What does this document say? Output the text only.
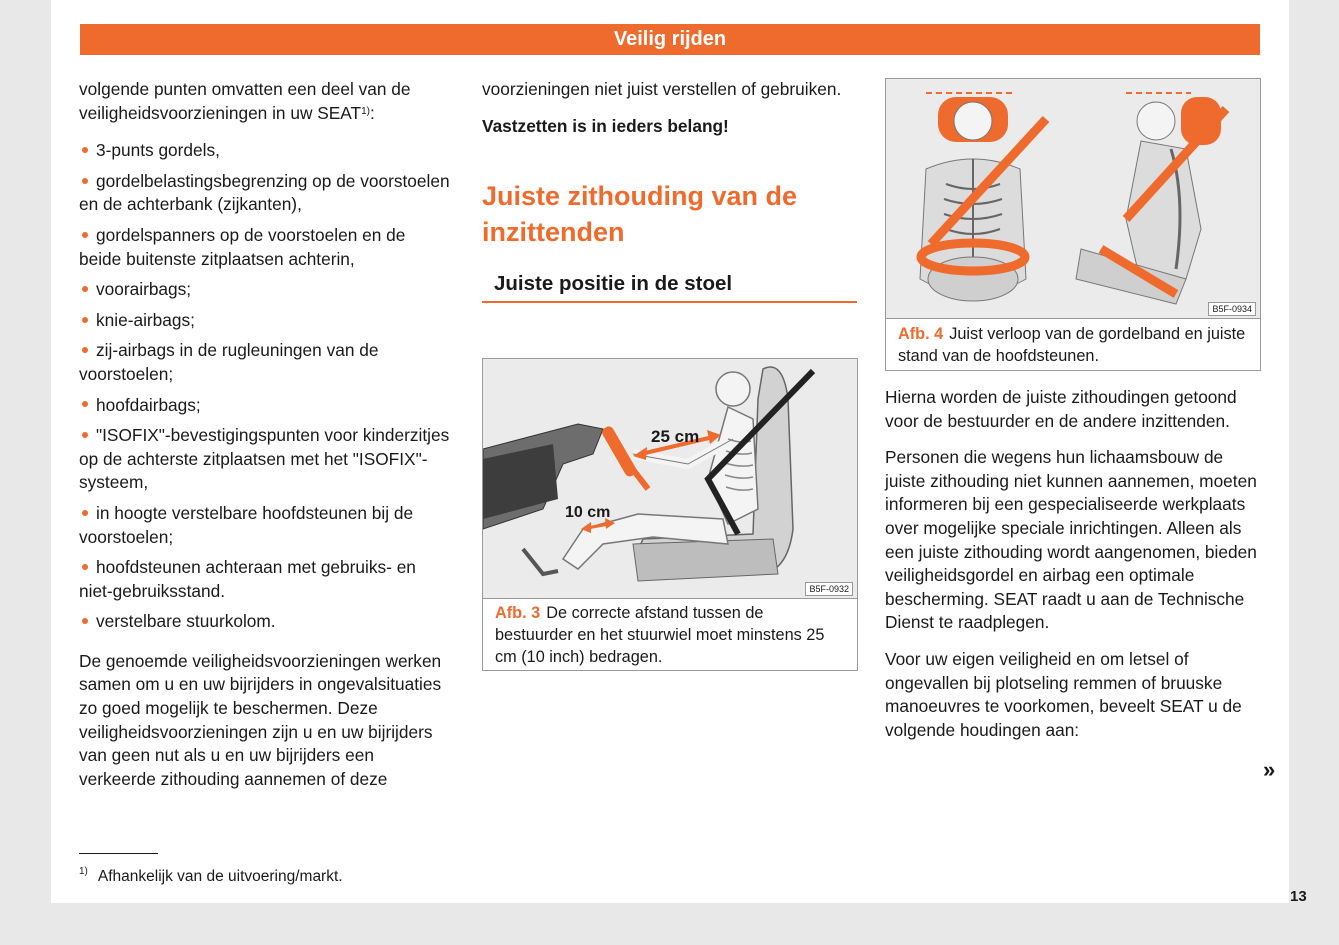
Veilig rijden

volgende punten omvatten een deel van de veiligheidsvoorzieningen in uw SEAT$^{1)}$:

3-punts gordels,
gordelbelastingsbegrenzing op de voorstoelen en de achterbank (zijkanten),
gordelspanners op de voorstoelen en de beide buitenste zitplaatsen achterin,
voorairbags;
knie-airbags;
zij-airbags in de rugleuningen van de voorstoelen;
hoofdairbags;
"ISOFIX"-bevestigingspunten voor kinderzitjes op de achterste zitplaatsen met het "ISOFIX"-systeem,
in hoogte verstelbare hoofdsteunen bij de voorstoelen;
hoofdsteunen achteraan met gebruiks- en niet-gebruiksstand.
verstelbare stuurkolom.

De genoemde veiligheidsvoorzieningen werken samen om u en uw bijrijders in ongevalsituaties zo goed mogelijk te beschermen. Deze veiligheidsvoorzieningen zijn u en uw bijrijders van geen nut als u en uw bijrijders een verkeerde zithouding aannemen of deze

voorzieningen niet juist verstellen of gebruiken.

Vastzetten is in ieders belang!

Juiste zithouding van de inzittenden
Juiste positie in de stoel
25 cm
10 cm
B5F-0932
Afb. 3 De correcte afstand tussen de bestuurder en het stuurwiel moet minstens 25 cm (10 inch) bedragen.
B5F-0934
Afb. 4 Juist verloop van de gordelband en juiste stand van de hoofdsteunen.

Hierna worden de juiste zithoudingen getoond voor de bestuurder en de andere inzittenden.

Personen die wegens hun lichaamsbouw de juiste zithouding niet kunnen aannemen, moeten informeren bij een gespecialiseerde werkplaats over mogelijke speciale inrichtingen. Alleen als een juiste zithouding wordt aangenomen, bieden veiligheidsgordel en airbag een optimale bescherming. SEAT raadt u aan de Technische Dienst te raadplegen.

Voor uw eigen veiligheid en om letsel of ongevallen bij plotseling remmen of bruuske manoeuvres te voorkomen, beveelt SEAT u de volgende houdingen aan:

»
$^{1)}$ Afhankelijk van de uitvoering/markt.
13
